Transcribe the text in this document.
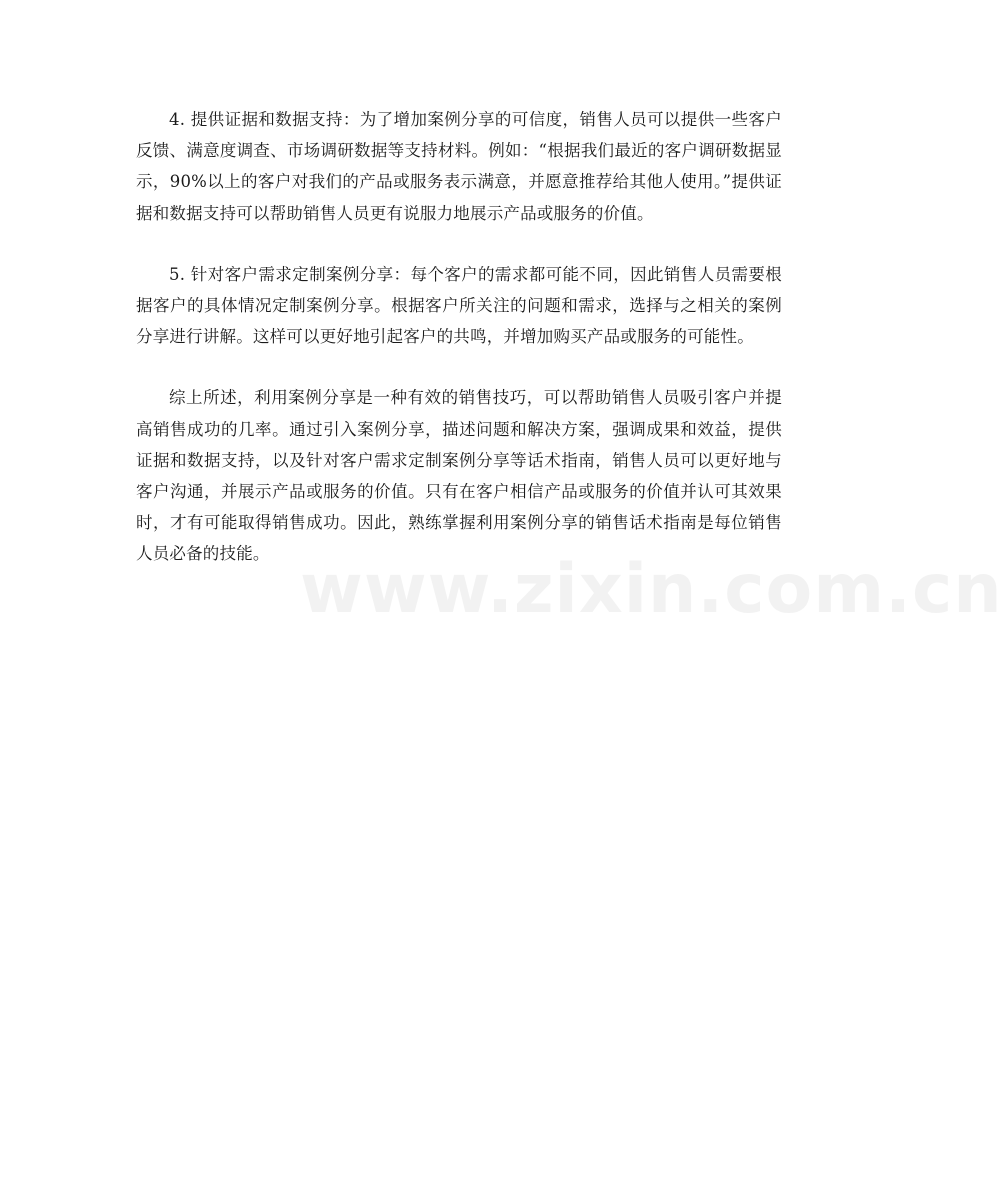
4. 提供证据和数据支持：为了增加案例分享的可信度，销售人员可以提供一些客户反馈、满意度调查、市场调研数据等支持材料。例如：“根据我们最近的客户调研数据显示，90%以上的客户对我们的产品或服务表示满意，并愿意推荐给其他人使用。”提供证据和数据支持可以帮助销售人员更有说服力地展示产品或服务的价值。

5. 针对客户需求定制案例分享：每个客户的需求都可能不同，因此销售人员需要根据客户的具体情况定制案例分享。根据客户所关注的问题和需求，选择与之相关的案例分享进行讲解。这样可以更好地引起客户的共鸣，并增加购买产品或服务的可能性。

综上所述，利用案例分享是一种有效的销售技巧，可以帮助销售人员吸引客户并提高销售成功的几率。通过引入案例分享，描述问题和解决方案，强调成果和效益，提供证据和数据支持，以及针对客户需求定制案例分享等话术指南，销售人员可以更好地与客户沟通，并展示产品或服务的价值。只有在客户相信产品或服务的价值并认可其效果时，才有可能取得销售成功。因此，熟练掌握利用案例分享的销售话术指南是每位销售人员必备的技能。 www.zixin.com.cn
